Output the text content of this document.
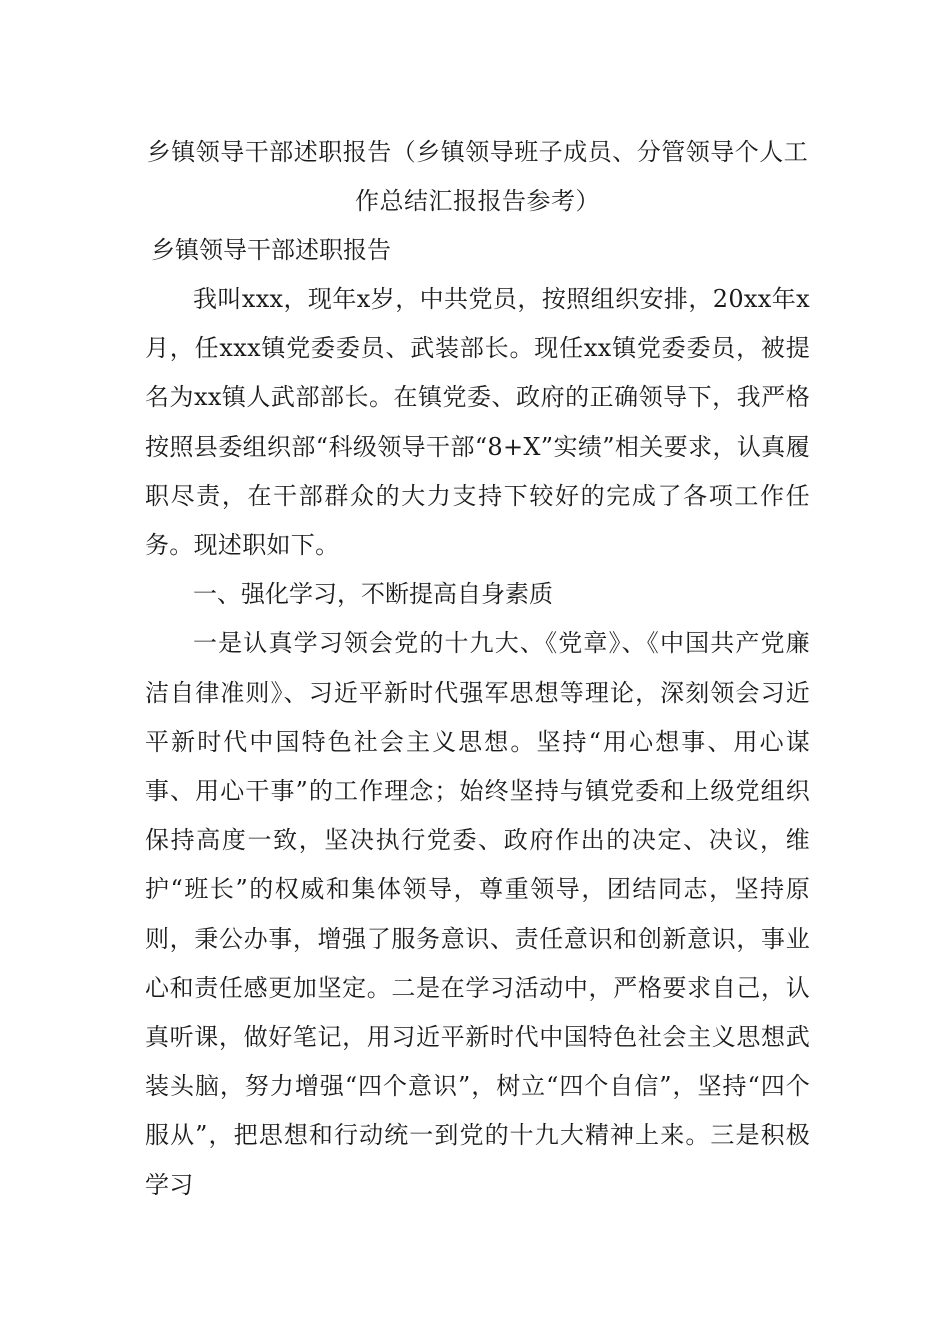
乡镇领导干部述职报告（乡镇领导班子成员、分管领导个人工作总结汇报报告参考）

乡镇领导干部述职报告

我叫xxx，现年x岁，中共党员，按照组织安排，20xx年x月，任xxx镇党委委员、武装部长。现任xx镇党委委员，被提名为xx镇人武部部长。在镇党委、政府的正确领导下，我严格按照县委组织部“科级领导干部“8+X”实绩”相关要求，认真履职尽责，在干部群众的大力支持下较好的完成了各项工作任务。现述职如下。

一、强化学习，不断提高自身素质

一是认真学习领会党的十九大、《党章》、《中国共产党廉洁自律准则》、习近平新时代强军思想等理论，深刻领会习近平新时代中国特色社会主义思想。坚持“用心想事、用心谋事、用心干事”的工作理念；始终坚持与镇党委和上级党组织保持高度一致，坚决执行党委、政府作出的决定、决议，维护“班长”的权威和集体领导，尊重领导，团结同志，坚持原则，秉公办事，增强了服务意识、责任意识和创新意识，事业心和责任感更加坚定。二是在学习活动中，严格要求自己，认真听课，做好笔记，用习近平新时代中国特色社会主义思想武装头脑，努力增强“四个意识”，树立“四个自信”，坚持“四个服从”，把思想和行动统一到党的十九大精神上来。三是积极学习
